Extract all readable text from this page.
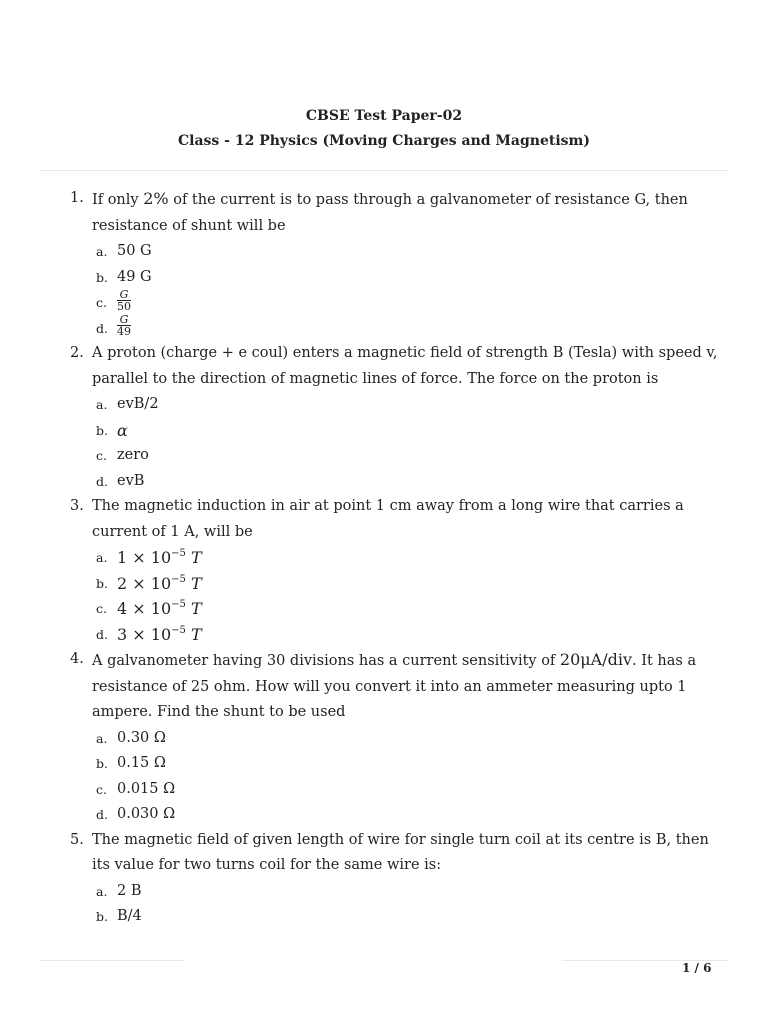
CBSE Test Paper-02
Class - 12 Physics (Moving Charges and Magnetism)
1. If only 2% of the current is to pass through a galvanometer of resistance G, then resistance of shunt will be

a. 50 G
b. 49 G
c. $\frac{G}{50}$
d. $\frac{G}{49}$
2. A proton (charge + e coul) enters a magnetic field of strength B (Tesla) with speed v, parallel to the direction of magnetic lines of force. The force on the proton is

a. evB/2
b. α
c. zero
d. evB
3. The magnetic induction in air at point 1 cm away from a long wire that carries a current of 1 A, will be

a. $1 \times 10^{-5}$ T
b. $2 \times 10^{-5}$ T
c. $4 \times 10^{-5}$ T
d. $3 \times 10^{-5}$ T
4. A galvanometer having 30 divisions has a current sensitivity of 20μA/div. It has a resistance of 25 ohm. How will you convert it into an ammeter measuring upto 1 ampere. Find the shunt to be used

a. 0.30 Ω
b. 0.15 Ω
c. 0.015 Ω
d. 0.030 Ω
5. The magnetic field of given length of wire for single turn coil at its centre is B, then its value for two turns coil for the same wire is:

a. 2 B
b. B/4
1 / 6
